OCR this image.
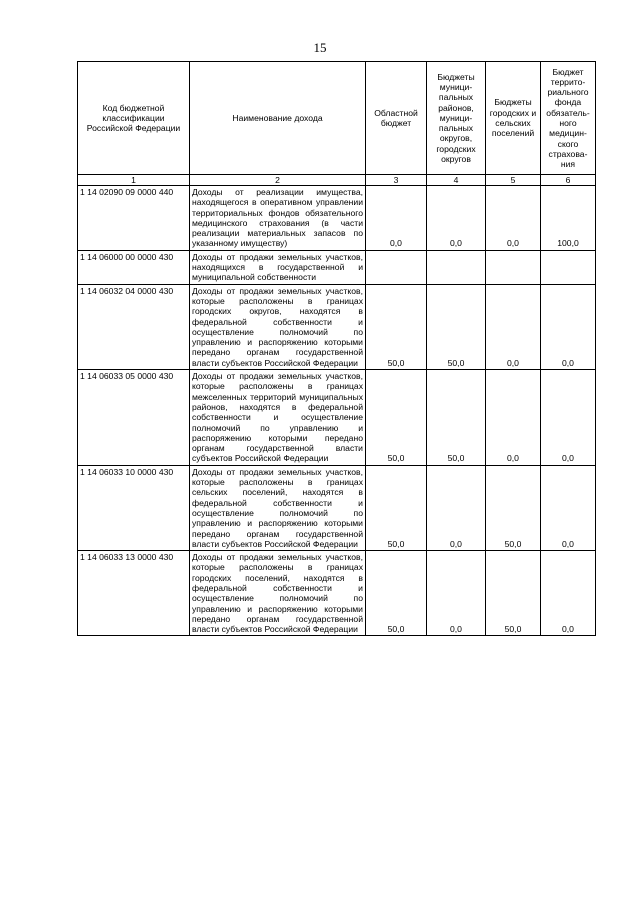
15
Код бюджетной классификации Российской Федерации	Наименование дохода	Областной бюджет	Бюджеты муници-пальных районов, муници-пальных округов, городских округов	Бюджеты городских и сельских поселений	Бюджет террито-риального фонда обязатель-ного медицин-ского страхова-ния
1	2	3	4	5	6
1 14 02090 09 0000 440	Доходы от реализации имущества, находящегося в оперативном управлении территориальных фондов обязательного медицинского страхования (в части реализации материальных запасов по указанному имуществу)	0,0	0,0	0,0	100,0
1 14 06000 00 0000 430	Доходы от продажи земельных участков, находящихся в государственной и муниципальной собственности				
1 14 06032 04 0000 430	Доходы от продажи земельных участков, которые расположены в границах городских округов, находятся в федеральной собственности и осуществление полномочий по управлению и распоряжению которыми передано органам государственной власти субъектов Российской Федерации	50,0	50,0	0,0	0,0
1 14 06033 05 0000 430	Доходы от продажи земельных участков, которые расположены в границах межселенных территорий муниципальных районов, находятся в федеральной собственности и осуществление полномочий по управлению и распоряжению которыми передано органам государственной власти субъектов Российской Федерации	50,0	50,0	0,0	0,0
1 14 06033 10 0000 430	Доходы от продажи земельных участков, которые расположены в границах сельских поселений, находятся в федеральной собственности и осуществление полномочий по управлению и распоряжению которыми передано органам государственной власти субъектов Российской Федерации	50,0	0,0	50,0	0,0
1 14 06033 13 0000 430	Доходы от продажи земельных участков, которые расположены в границах городских поселений, находятся в федеральной собственности и осуществление полномочий по управлению и распоряжению которыми передано органам государственной власти субъектов Российской Федерации	50,0	0,0	50,0	0,0
